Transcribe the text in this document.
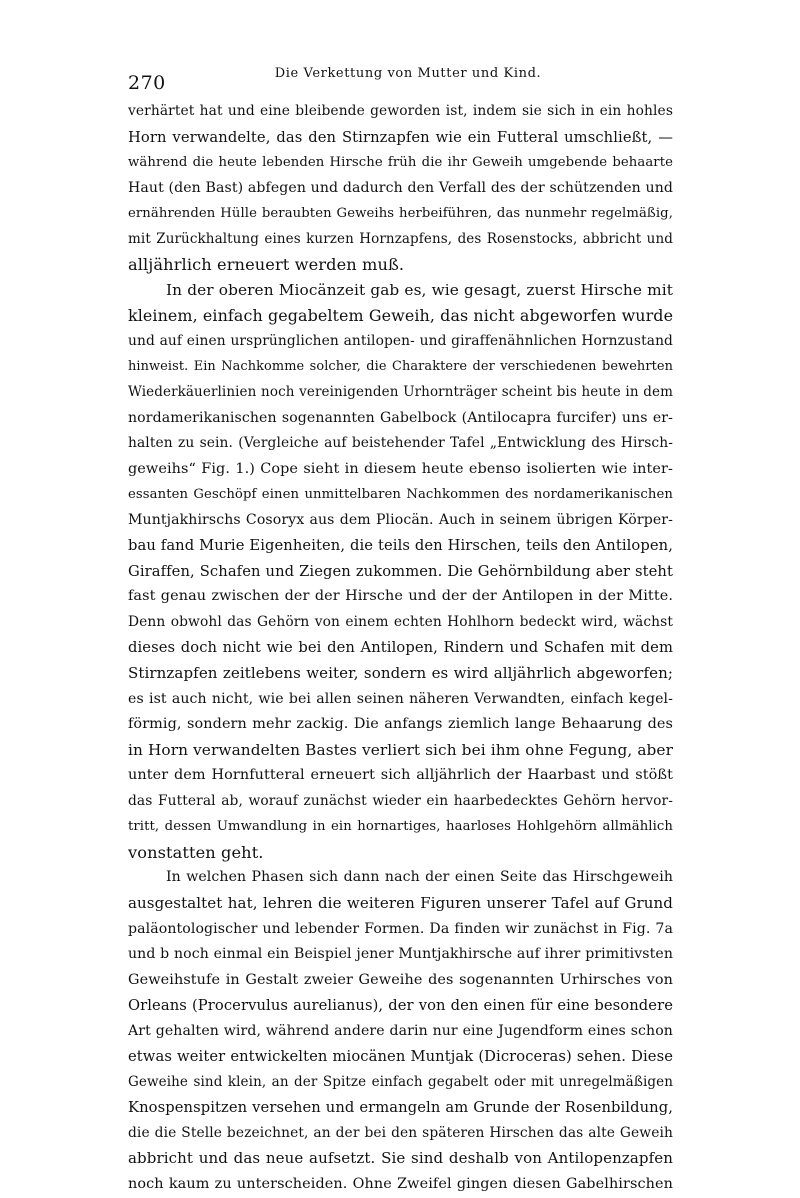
270	Die Verkettung von Mutter und Kind.

verhärtet hat und eine bleibende geworden ist, indem sie sich in ein hohles
Horn verwandelte, das den Stirnzapfen wie ein Futteral umschließt, —
während die heute lebenden Hirsche früh die ihr Geweih umgebende behaarte
Haut (den Bast) abfegen und dadurch den Verfall des der schützenden und
ernährenden Hülle beraubten Geweihs herbeiführen, das nunmehr regelmäßig,
mit Zurückhaltung eines kurzen Hornzapfens, des Rosenstocks, abbricht und
alljährlich erneuert werden muß.

In der oberen Miocänzeit gab es, wie gesagt, zuerst Hirsche mit
kleinem, einfach gegabeltem Geweih, das nicht abgeworfen wurde
und auf einen ursprünglichen antilopen- und giraffenähnlichen Hornzustand
hinweist. Ein Nachkomme solcher, die Charaktere der verschiedenen bewehrten
Wiederkäuerlinien noch vereinigenden Urhornträger scheint bis heute in dem
nordamerikanischen sogenannten Gabelbock (Antilocapra furcifer) uns er-
halten zu sein. (Vergleiche auf beistehender Tafel „Entwicklung des Hirsch-
geweihs“ Fig. 1.) Cope sieht in diesem heute ebenso isolierten wie inter-
essanten Geschöpf einen unmittelbaren Nachkommen des nordamerikanischen
Muntjakhirschs Cosoryx aus dem Pliocän. Auch in seinem übrigen Körper-
bau fand Murie Eigenheiten, die teils den Hirschen, teils den Antilopen,
Giraffen, Schafen und Ziegen zukommen. Die Gehörnbildung aber steht
fast genau zwischen der der Hirsche und der der Antilopen in der Mitte.
Denn obwohl das Gehörn von einem echten Hohlhorn bedeckt wird, wächst
dieses doch nicht wie bei den Antilopen, Rindern und Schafen mit dem
Stirnzapfen zeitlebens weiter, sondern es wird alljährlich abgeworfen;
es ist auch nicht, wie bei allen seinen näheren Verwandten, einfach kegel-
förmig, sondern mehr zackig. Die anfangs ziemlich lange Behaarung des
in Horn verwandelten Bastes verliert sich bei ihm ohne Fegung, aber
unter dem Hornfutteral erneuert sich alljährlich der Haarbast und stößt
das Futteral ab, worauf zunächst wieder ein haarbedecktes Gehörn hervor-
tritt, dessen Umwandlung in ein hornartiges, haarloses Hohlgehörn allmählich
vonstatten geht.

In welchen Phasen sich dann nach der einen Seite das Hirschgeweih
ausgestaltet hat, lehren die weiteren Figuren unserer Tafel auf Grund
paläontologischer und lebender Formen. Da finden wir zunächst in Fig. 7a
und b noch einmal ein Beispiel jener Muntjakhirsche auf ihrer primitivsten
Geweihstufe in Gestalt zweier Geweihe des sogenannten Urhirsches von
Orleans (Procervulus aurelianus), der von den einen für eine besondere
Art gehalten wird, während andere darin nur eine Jugendform eines schon
etwas weiter entwickelten miocänen Muntjak (Dicroceras) sehen. Diese
Geweihe sind klein, an der Spitze einfach gegabelt oder mit unregelmäßigen
Knospenspitzen versehen und ermangeln am Grunde der Rosenbildung,
die die Stelle bezeichnet, an der bei den späteren Hirschen das alte Geweih
abbricht und das neue aufsetzt. Sie sind deshalb von Antilopenzapfen
noch kaum zu unterscheiden. Ohne Zweifel gingen diesen Gabelhirschen
